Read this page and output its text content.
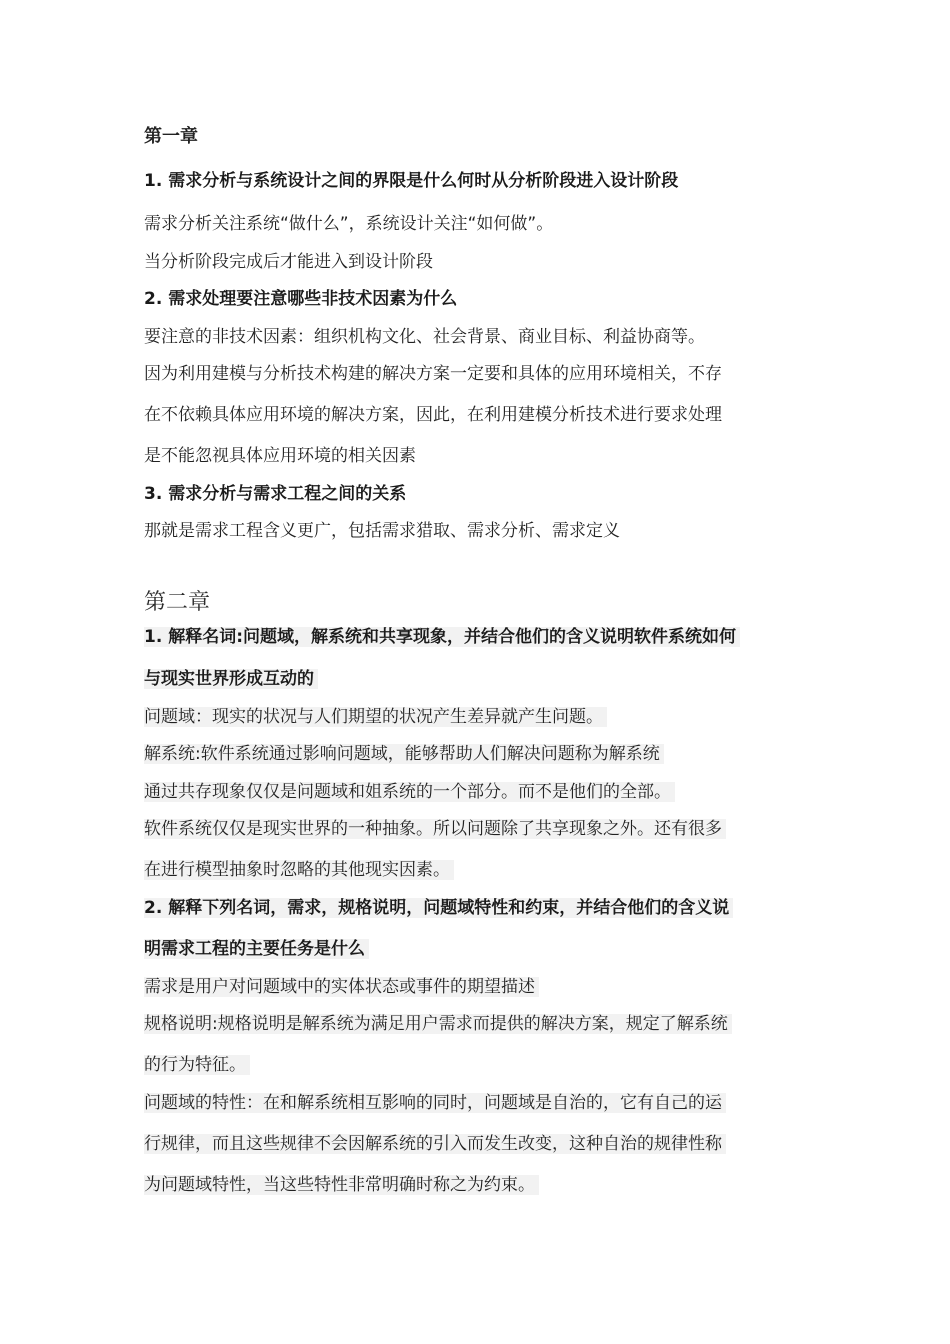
第一章
1. 需求分析与系统设计之间的界限是什么何时从分析阶段进入设计阶段
需求分析关注系统“做什么”，系统设计关注“如何做”。
当分析阶段完成后才能进入到设计阶段
2. 需求处理要注意哪些非技术因素为什么
要注意的非技术因素：组织机构文化、社会背景、商业目标、利益协商等。
因为利用建模与分析技术构建的解决方案一定要和具体的应用环境相关，不存
在不依赖具体应用环境的解决方案，因此，在利用建模分析技术进行要求处理
是不能忽视具体应用环境的相关因素
3. 需求分析与需求工程之间的关系
那就是需求工程含义更广，包括需求猎取、需求分析、需求定义
第二章
1. 解释名词:问题域，解系统和共享现象，并结合他们的含义说明软件系统如何
与现实世界形成互动的
问题域：现实的状况与人们期望的状况产生差异就产生问题。
解系统:软件系统通过影响问题域，能够帮助人们解决问题称为解系统
通过共存现象仅仅是问题域和姐系统的一个部分。而不是他们的全部。
软件系统仅仅是现实世界的一种抽象。所以问题除了共享现象之外。还有很多
在进行模型抽象时忽略的其他现实因素。
2. 解释下列名词，需求，规格说明，问题域特性和约束，并结合他们的含义说
明需求工程的主要任务是什么
需求是用户对问题域中的实体状态或事件的期望描述
规格说明:规格说明是解系统为满足用户需求而提供的解决方案，规定了解系统
的行为特征。
问题域的特性：在和解系统相互影响的同时，问题域是自治的，它有自己的运
行规律，而且这些规律不会因解系统的引入而发生改变，这种自治的规律性称
为问题域特性，当这些特性非常明确时称之为约束。
